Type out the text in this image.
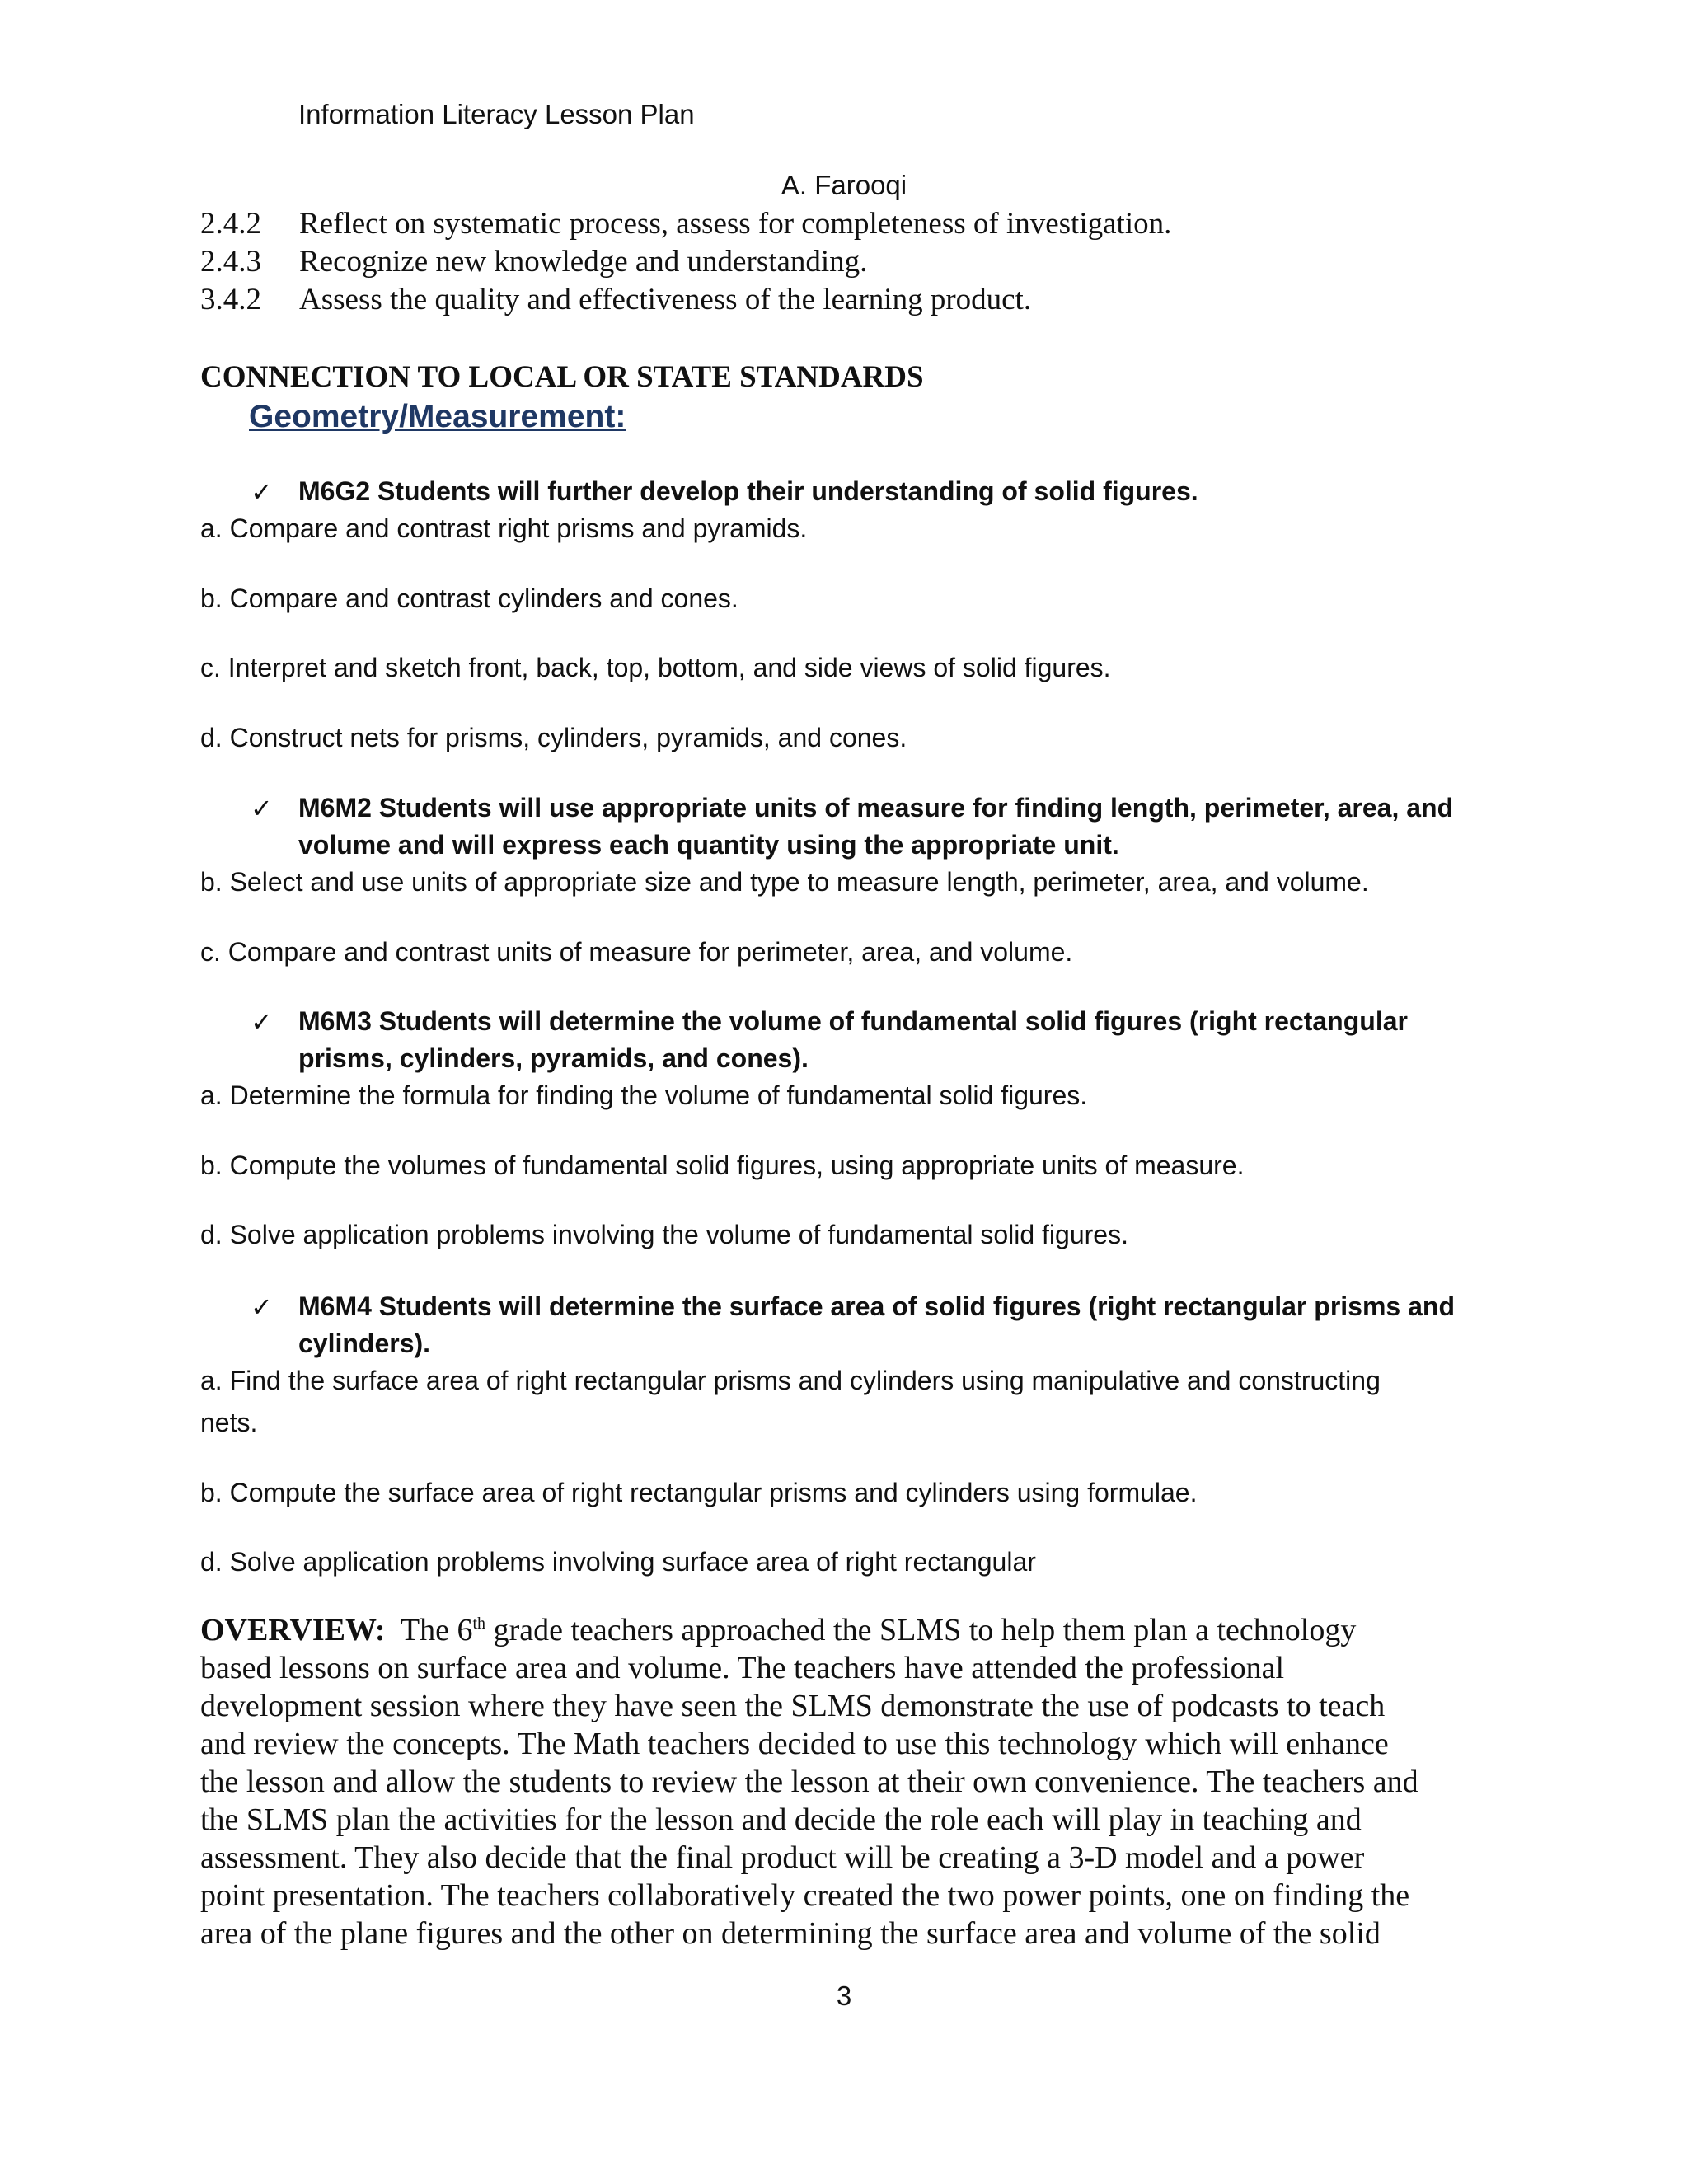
Information Literacy Lesson Plan
A. Farooqi
2.4.2 Reflect on systematic process, assess for completeness of investigation.
2.4.3 Recognize new knowledge and understanding.
3.4.2 Assess the quality and effectiveness of the learning product.
CONNECTION TO LOCAL OR STATE STANDARDS
Geometry/Measurement:
✓ M6G2 Students will further develop their understanding of solid figures.
a. Compare and contrast right prisms and pyramids.
b. Compare and contrast cylinders and cones.
c. Interpret and sketch front, back, top, bottom, and side views of solid figures.
d. Construct nets for prisms, cylinders, pyramids, and cones.
✓ M6M2 Students will use appropriate units of measure for finding length, perimeter, area, and
volume and will express each quantity using the appropriate unit.
b. Select and use units of appropriate size and type to measure length, perimeter, area, and volume.
c. Compare and contrast units of measure for perimeter, area, and volume.
✓ M6M3 Students will determine the volume of fundamental solid figures (right rectangular
prisms, cylinders, pyramids, and cones).
a. Determine the formula for finding the volume of fundamental solid figures.
b. Compute the volumes of fundamental solid figures, using appropriate units of measure.
d. Solve application problems involving the volume of fundamental solid figures.
✓ M6M4 Students will determine the surface area of solid figures (right rectangular prisms and
cylinders).
a. Find the surface area of right rectangular prisms and cylinders using manipulative and constructing
nets.
b. Compute the surface area of right rectangular prisms and cylinders using formulae.
d. Solve application problems involving surface area of right rectangular

OVERVIEW: The 6th grade teachers approached the SLMS to help them plan a technology

based lessons on surface area and volume. The teachers have attended the professional

development session where they have seen the SLMS demonstrate the use of podcasts to teach

and review the concepts. The Math teachers decided to use this technology which will enhance

the lesson and allow the students to review the lesson at their own convenience. The teachers and

the SLMS plan the activities for the lesson and decide the role each will play in teaching and

assessment. They also decide that the final product will be creating a 3-D model and a power

point presentation. The teachers collaboratively created the two power points, one on finding the

area of the plane figures and the other on determining the surface area and volume of the solid

3
